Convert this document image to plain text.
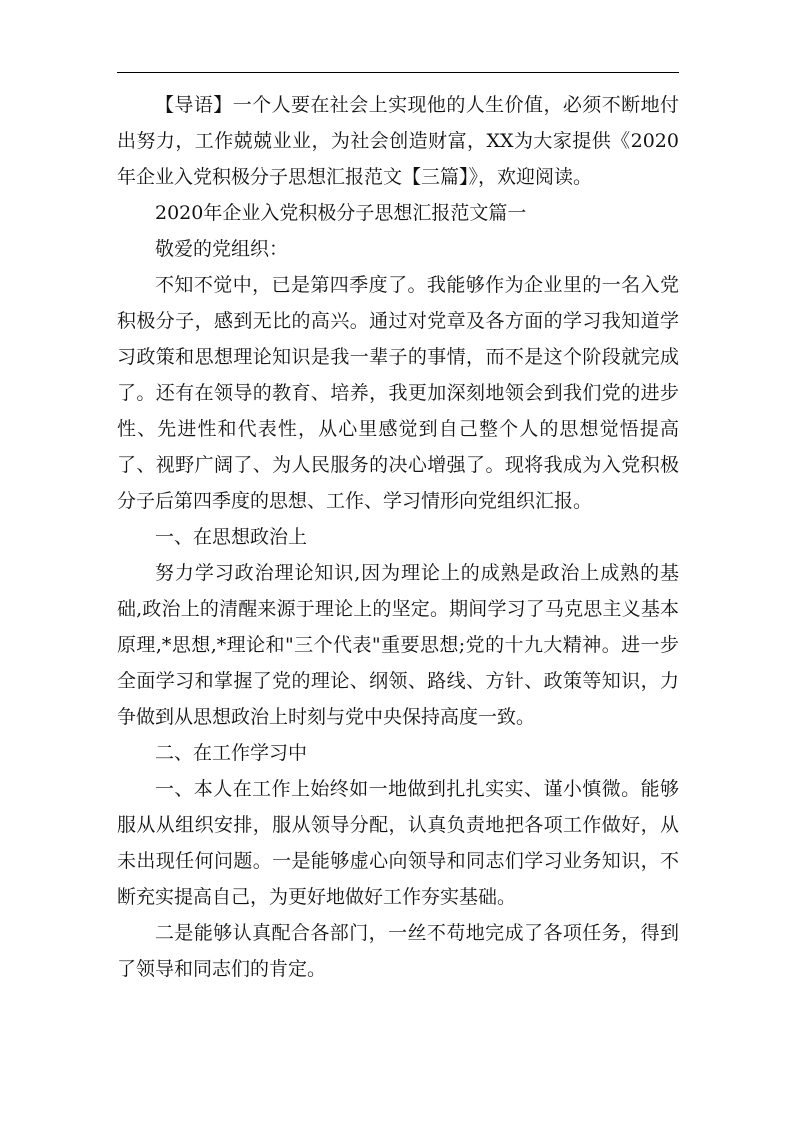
【导语】一个人要在社会上实现他的人生价值，必须不断地付出努力，工作兢兢业业，为社会创造财富，XX为大家提供《2020年企业入党积极分子思想汇报范文【三篇】》，欢迎阅读。

2020年企业入党积极分子思想汇报范文篇一

敬爱的党组织：

不知不觉中，已是第四季度了。我能够作为企业里的一名入党积极分子，感到无比的高兴。通过对党章及各方面的学习我知道学习政策和思想理论知识是我一辈子的事情，而不是这个阶段就完成了。还有在领导的教育、培养，我更加深刻地领会到我们党的进步性、先进性和代表性，从心里感觉到自己整个人的思想觉悟提高了、视野广阔了、为人民服务的决心增强了。现将我成为入党积极分子后第四季度的思想、工作、学习情形向党组织汇报。

一、在思想政治上

努力学习政治理论知识,因为理论上的成熟是政治上成熟的基础,政治上的清醒来源于理论上的坚定。期间学习了马克思主义基本原理,*思想,*理论和"三个代表"重要思想;党的十九大精神。进一步全面学习和掌握了党的理论、纲领、路线、方针、政策等知识，力争做到从思想政治上时刻与党中央保持高度一致。

二、在工作学习中

一、本人在工作上始终如一地做到扎扎实实、谨小慎微。能够服从从组织安排，服从领导分配，认真负责地把各项工作做好，从未出现任何问题。一是能够虚心向领导和同志们学习业务知识，不断充实提高自己，为更好地做好工作夯实基础。

二是能够认真配合各部门，一丝不苟地完成了各项任务，得到了领导和同志们的肯定。
